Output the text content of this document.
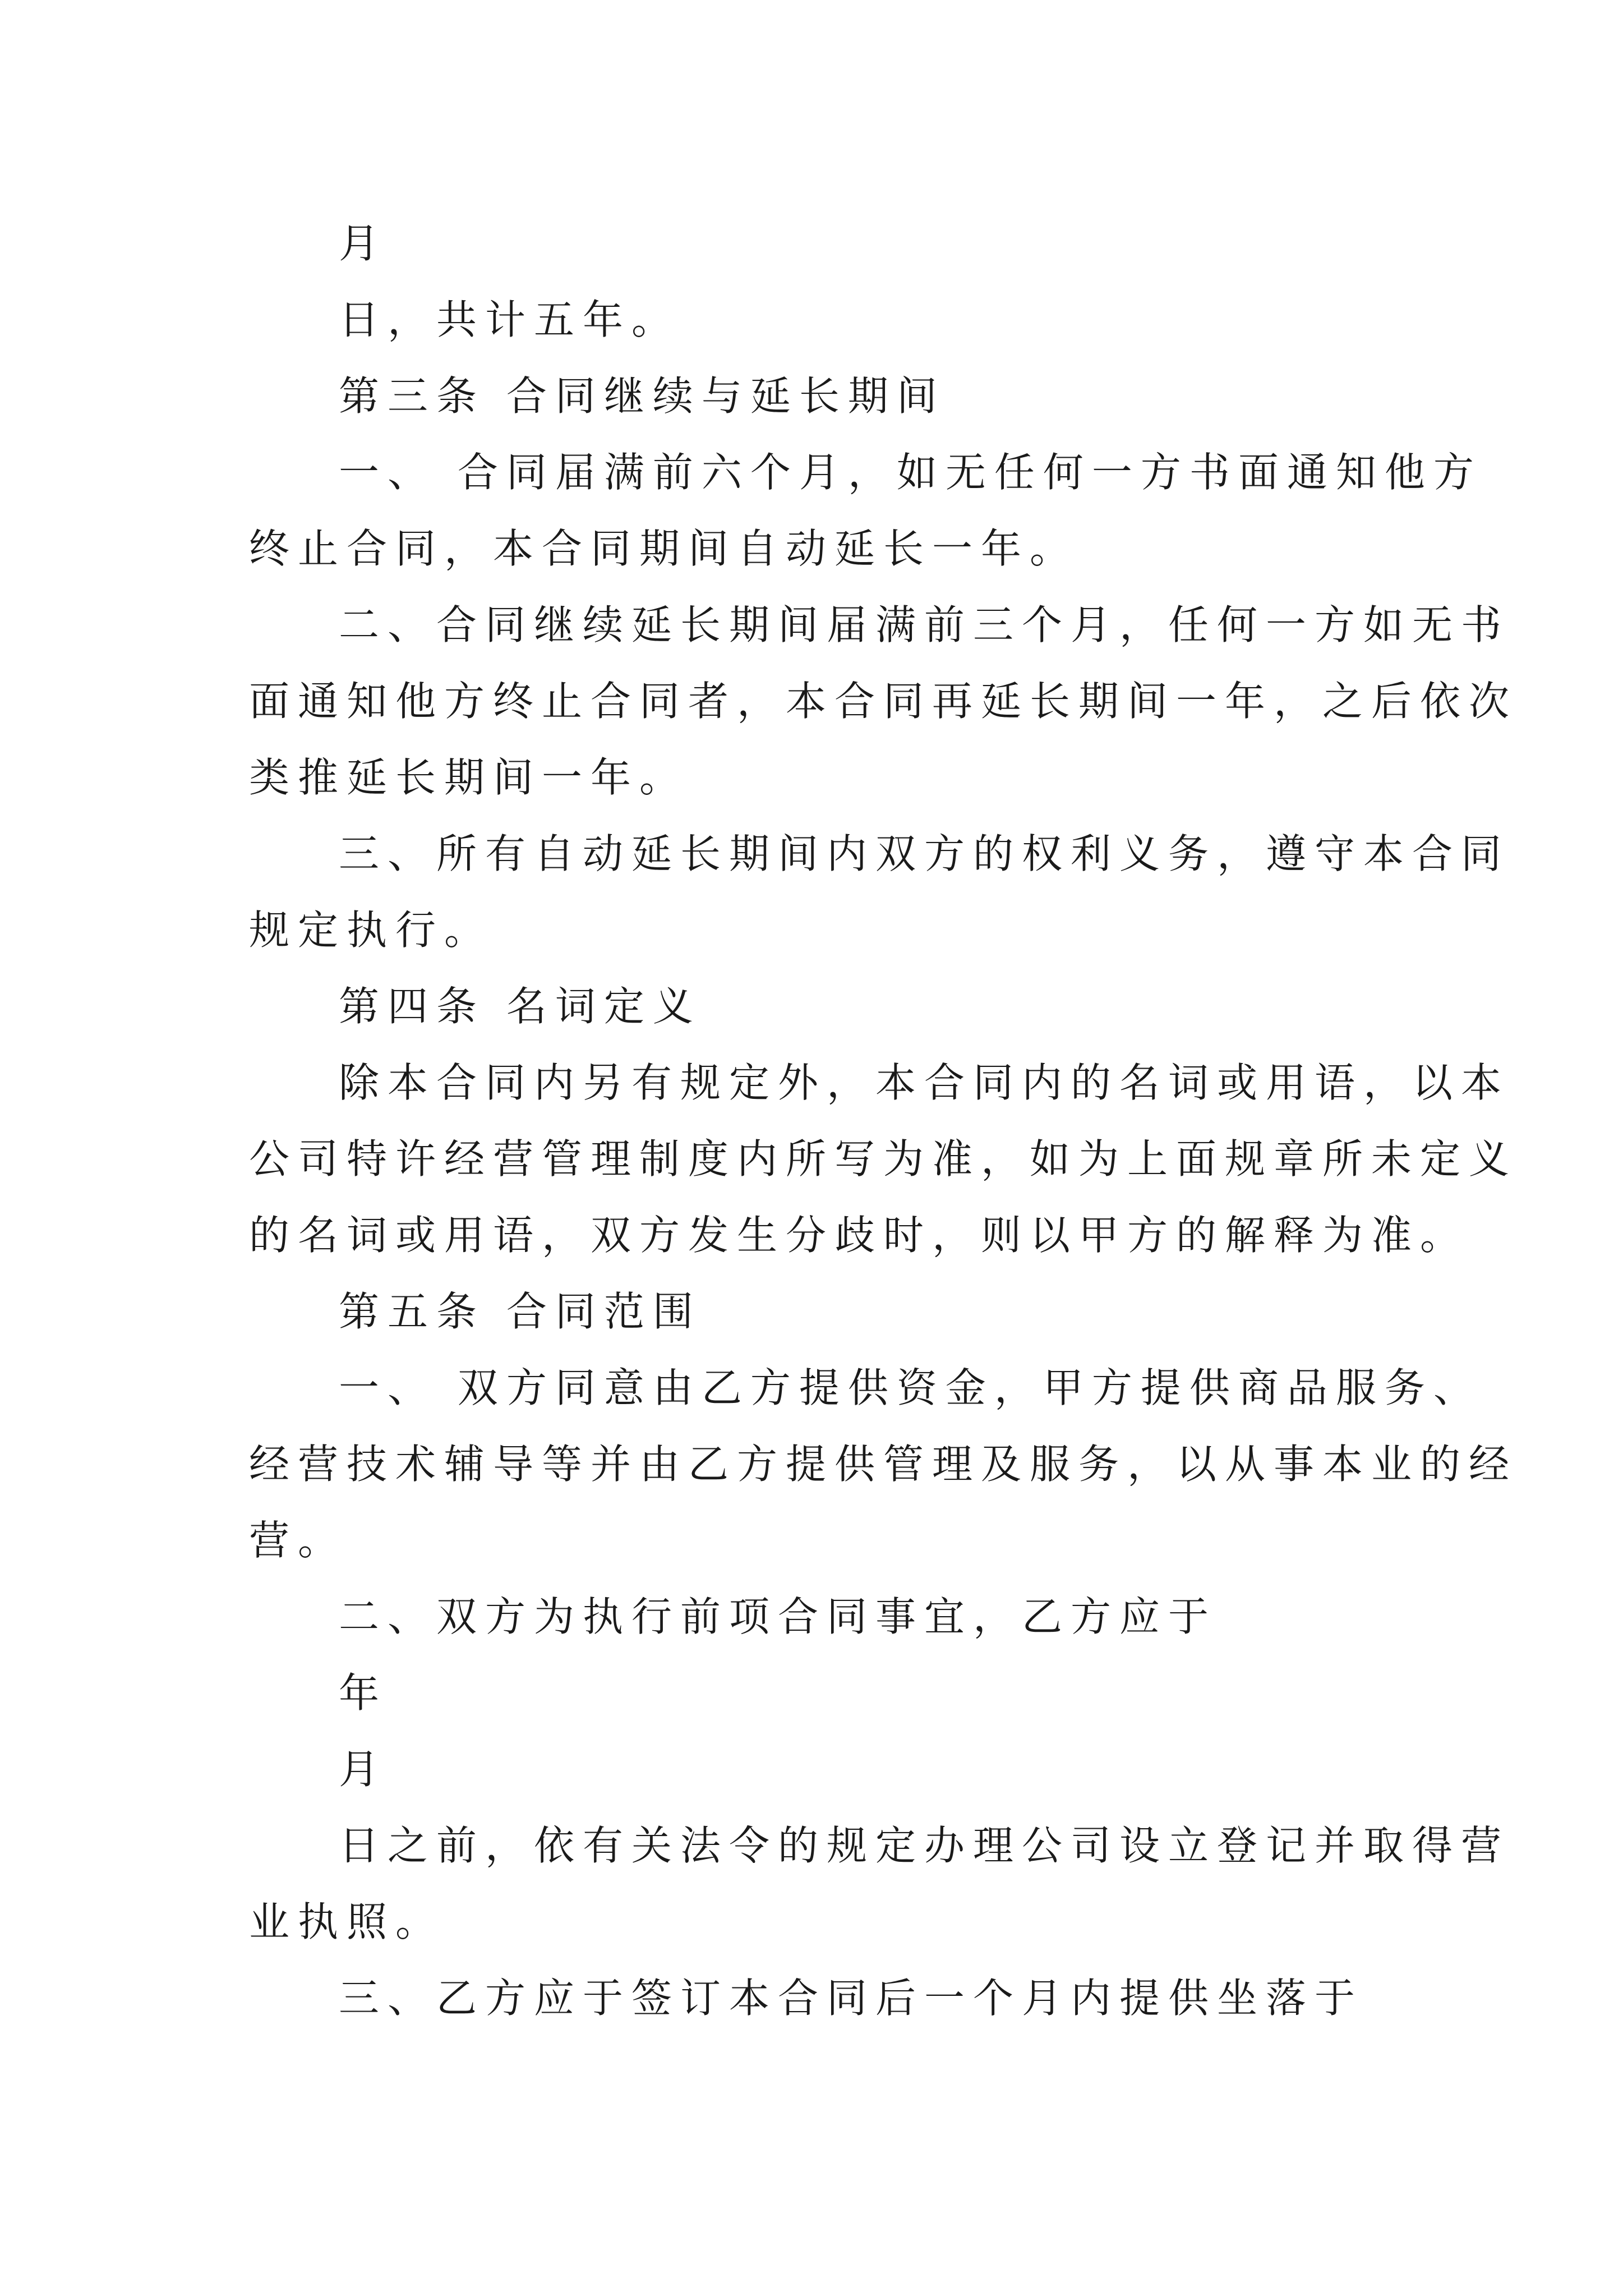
月
日，共计五年。
第三条 合同继续与延长期间
一、 合同届满前六个月，如无任何一方书面通知他方
终止合同，本合同期间自动延长一年。
二、合同继续延长期间届满前三个月，任何一方如无书
面通知他方终止合同者，本合同再延长期间一年，之后依次
类推延长期间一年。
三、所有自动延长期间内双方的权利义务，遵守本合同
规定执行。
第四条 名词定义
除本合同内另有规定外，本合同内的名词或用语，以本
公司特许经营管理制度内所写为准，如为上面规章所未定义
的名词或用语，双方发生分歧时，则以甲方的解释为准。
第五条 合同范围
一、 双方同意由乙方提供资金，甲方提供商品服务、
经营技术辅导等并由乙方提供管理及服务，以从事本业的经
营。
二、双方为执行前项合同事宜，乙方应于
年
月
日之前，依有关法令的规定办理公司设立登记并取得营
业执照。
三、乙方应于签订本合同后一个月内提供坐落于
